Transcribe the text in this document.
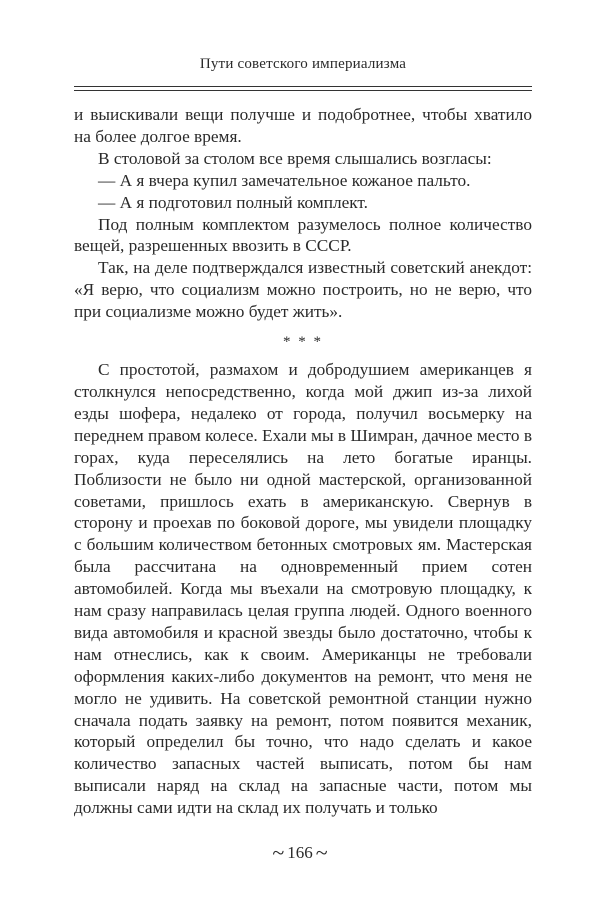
Пути советского империализма

и выискивали вещи получше и подобротнее, чтобы хватило на более долгое время.

В столовой за столом все время слышались возгласы:

— А я вчера купил замечательное кожаное пальто.

— А я подготовил полный комплект.

Под полным комплектом разумелось полное количество вещей, разрешенных ввозить в СССР.

Так, на деле подтверждался известный советский анекдот: «Я верю, что социализм можно построить, но не верю, что при социализме можно будет жить».

* * *

С простотой, размахом и добродушием американцев я столкнулся непосредственно, когда мой джип из-за лихой езды шофера, недалеко от города, получил восьмерку на переднем правом колесе. Ехали мы в Шимран, дачное место в горах, куда переселялись на лето богатые иранцы. Поблизости не было ни одной мастерской, организованной советами, пришлось ехать в американскую. Свернув в сторону и проехав по боковой дороге, мы увидели площадку с большим количеством бетонных смотровых ям. Мастерская была рассчитана на одновременный прием сотен автомобилей. Когда мы въехали на смотровую площадку, к нам сразу направилась целая группа людей. Одного военного вида автомобиля и красной звезды было достаточно, чтобы к нам отнеслись, как к своим. Американцы не требовали оформления каких-либо документов на ремонт, что меня не могло не удивить. На советской ремонтной станции нужно сначала подать заявку на ремонт, потом появится механик, который определил бы точно, что надо сделать и какое количество запасных частей выписать, потом бы нам выписали наряд на склад на запасные части, потом мы должны сами идти на склад их получать и только

~ 166 ~
